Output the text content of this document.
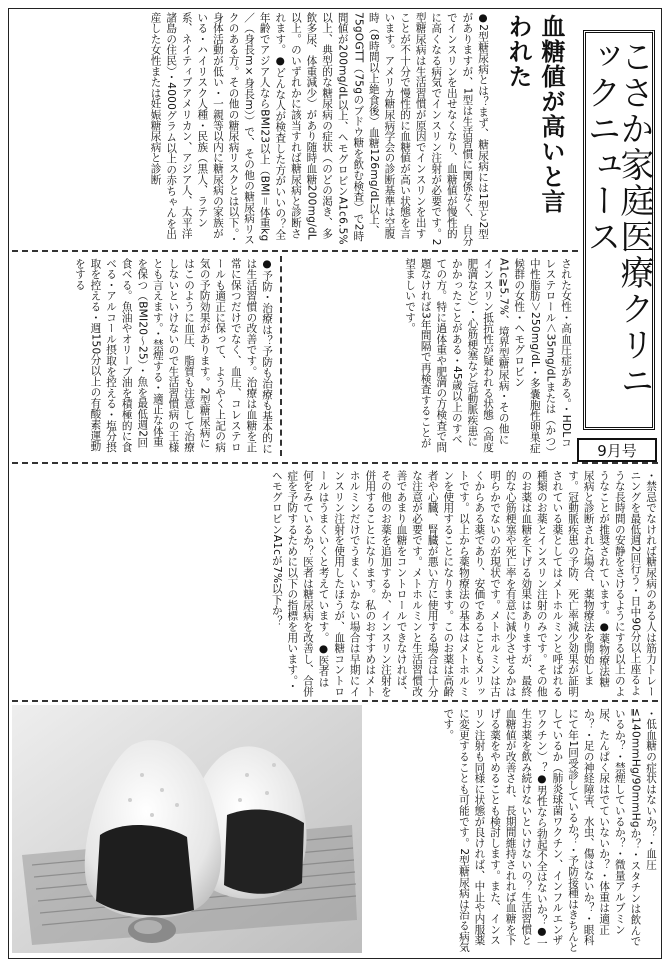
こさか家庭医療クリニックニュース
9月号
血糖値が高いと言われた
●2型糖尿病とは？まず、糖尿病には1型と2型がありますが、1型は生活習慣に関係なく、自分でインスリンを出せなくなり、血糖値が慢性的に高くなる病気でインスリン注射が必要です。2型糖尿病は生活習慣が原因でインスリンを出すことが不十分で慢性的に血糖値が高い状態を言います。アメリカ糖尿病学会の診断基準は空腹時（8時間以上絶食後）血糖126mg/dL以上、75gOGTT（75gのブドウ糖を飲む検査）で2時間値が200mg/dL以上、ヘモグロビンA1c6.5%以上、典型的な糖尿病の症状（のどの渇き、多飲多尿、体重減少）があり随時血糖200mg/dL以上。のいずれかに該当すれば糖尿病と診断されます。●どんな人が検査した方がいいの？全年齢でアジア人ならBMI23以上（BMI＝体重kg／（身長m×身長m））で、その他の糖尿病リスクのある方。その他の糖尿病リスクとは以下。・身体活動が低い・一親等以内に糖尿病の家族がいる・ハイリスク人種・民族（黒人、ラテン系、ネイティブアメリカン、アジア人、太平洋諸島の住民）・4000グラム以上の赤ちゃんを出産した女性または妊娠糖尿病と診断
された女性・高血圧症がある。・HDLコレステロール＜35mg/dLまたは（かつ）中性脂肪＞250mg/dL・多嚢胞性卵巣症候群の女性・ヘモグロビンA1c≧5.7%、境界型糖尿病・その他にインスリン抵抗性が疑われる状態（高度肥満など）・心筋梗塞など冠動脈疾患にかかったことがある・45歳以上のすべての方。特に過体重や肥満の方検査で問題なければ3年間隔で再検査することが望ましいです。
●予防・治療は？予防も治療も基本的には生活習慣の改善です。治療は血糖を正常に保つだけでなく、血圧、コレステロールも適正に保って、ようやく上記の病気の予防効果があります。2型糖尿病にはこのように血圧、脂質も注意して治療しないといけないので生活習慣病の王様とも言えます。・禁煙する・適正な体重を保つ（BMI20〜25）・魚を最低週2回食べる。魚油やオリーブ油を積極的に食べる・アルコール摂取を控える・塩分摂取を控える・週150分以上の有酸素運動をする
・禁忌でなければ糖尿病のある人は筋力トレーニングを最低週2回行う・日中90分以上座るような長時間の安静をさけるようにする以上のようなことが推奨されています。●薬物療法糖尿病と診断された場合、薬物療法を開始します。冠動脈疾患の予防、死亡率減少効果が証明されている薬としてはメトホルミンと呼ばれる種類のお薬とインスリン注射のみです。その他のお薬は血糖を下げる効果はありますが、最終的な心筋梗塞や死亡率を有意に減少させるかは明らかでないのが現状です。メトホルミンは古くからある薬であり、安価であることもメリットです。以上から薬物療法の基本はメトホルミンを使用することになります。このお薬は高齢者や心臓、腎臓が悪い方に使用する場合は十分な注意が必要です。メトホルミンと生活習慣改善であまり血糖をコントロールできなければ、その他のお薬を追加するか、インスリン注射を併用することになります。私のおすすめはメトホルミンだけでうまくいかない場合は早期にインスリン注射を使用したほうが、血糖コントロールはうまくいくと考えています。●医者は何をみているか？医者は糖尿病を改善し、合併症を予防するために以下の指標を用います。・ヘモグロビンA1cが7%以下か？
・低血糖の症状はないか？・血圧≦140mmHg/90mmHgか？・スタチンは飲んでいるか？・禁煙しているか？・微量アルブミン尿、たんぱく尿はでていないか？・体重は適正か？・足の神経障害、水虫、傷はないか？・眼科にて年1回受診しているか？・予防接種はきちんとしているか（肺炎球菌ワクチン、インフルエンザワクチン）？●男性なら勃起不全はないか？●一生お薬を飲み続けないといけないの？生活習慣と血糖値が改善され、長期間維持されれば血糖を下げる薬をやめることも検討します。また、インスリン注射も同様に状態が良ければ、中止や内服薬に変更することも可能です。2型糖尿病は治る病気です。
